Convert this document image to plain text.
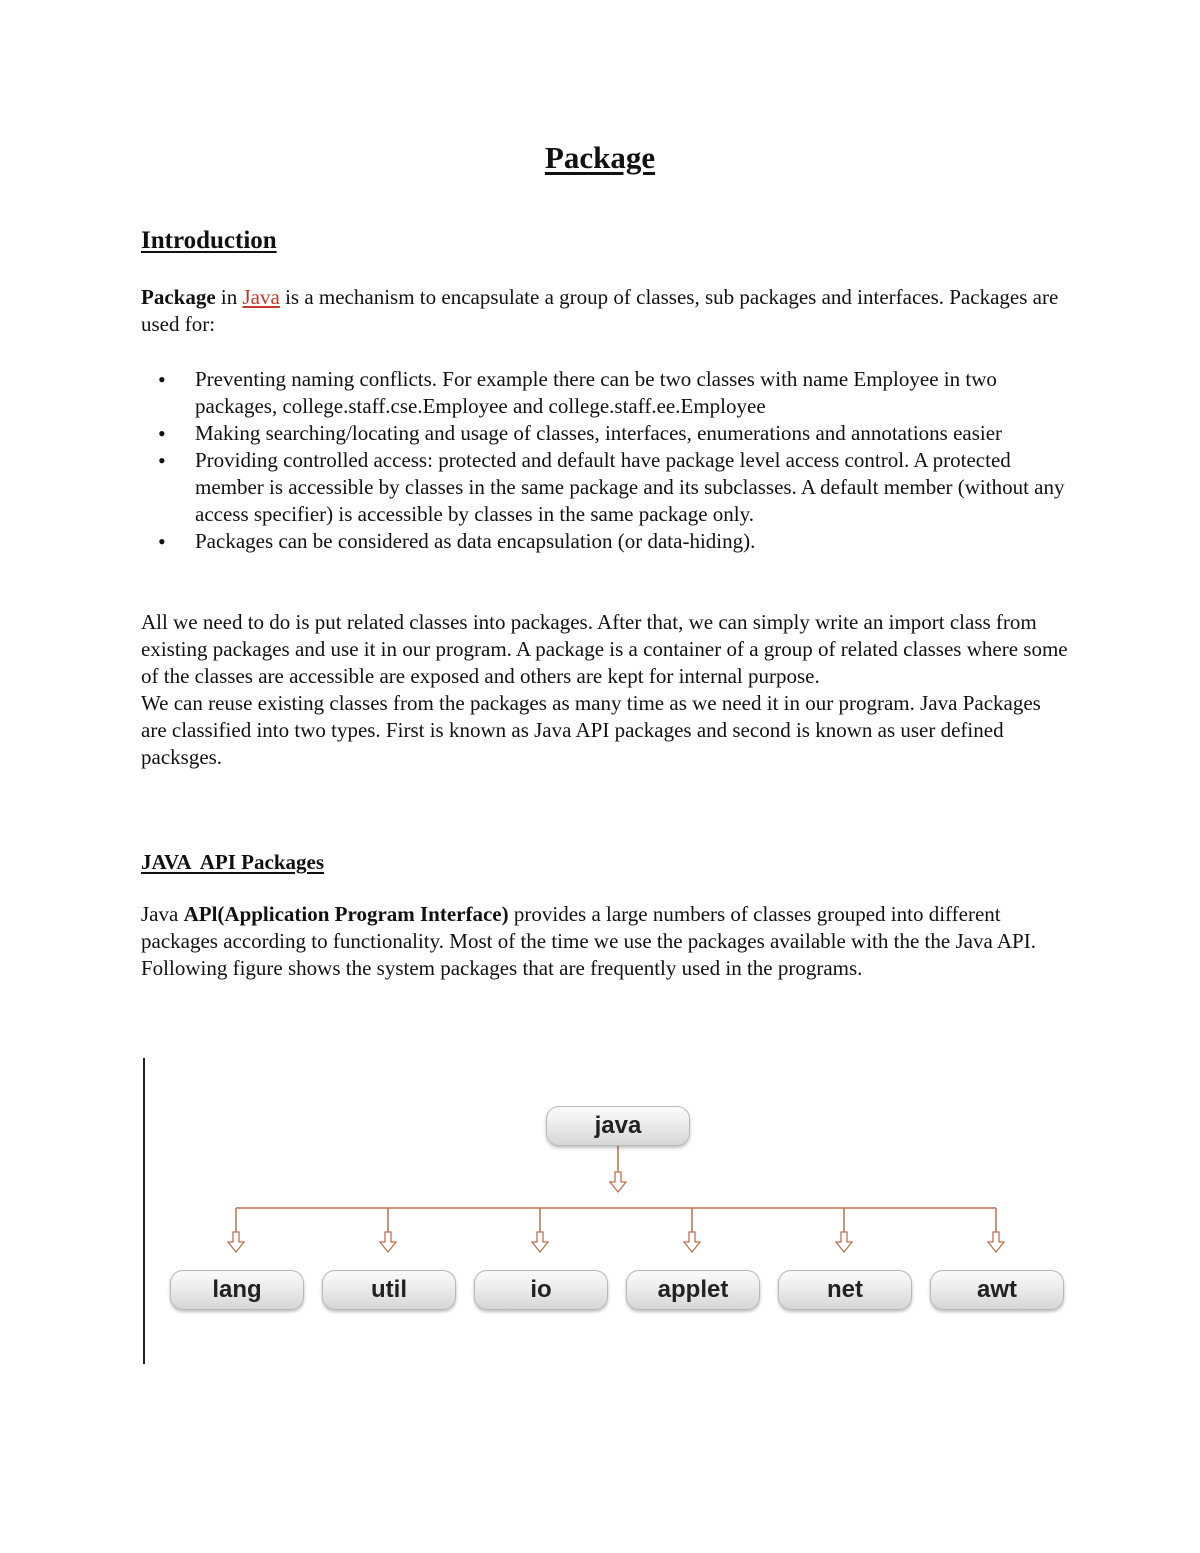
Package
Introduction
Package in Java is a mechanism to encapsulate a group of classes, sub packages and interfaces. Packages are used for:
• Preventing naming conflicts. For example there can be two classes with name Employee in two packages, college.staff.cse.Employee and college.staff.ee.Employee
• Making searching/locating and usage of classes, interfaces, enumerations and annotations easier
• Providing controlled access: protected and default have package level access control. A protected member is accessible by classes in the same package and its subclasses. A default member (without any access specifier) is accessible by classes in the same package only.
• Packages can be considered as data encapsulation (or data-hiding).
All we need to do is put related classes into packages. After that, we can simply write an import class from existing packages and use it in our program. A package is a container of a group of related classes where some of the classes are accessible are exposed and others are kept for internal purpose.
We can reuse existing classes from the packages as many time as we need it in our program. Java Packages are classified into two types. First is known as Java API packages and second is known as user defined packsges.
JAVA  API Packages
Java APl(Application Program Interface) provides a large numbers of classes grouped into different packages according to functionality. Most of the time we use the packages available with the the Java API. Following figure shows the system packages that are frequently used in the programs.
java
lang	util	io	applet	net	awt
